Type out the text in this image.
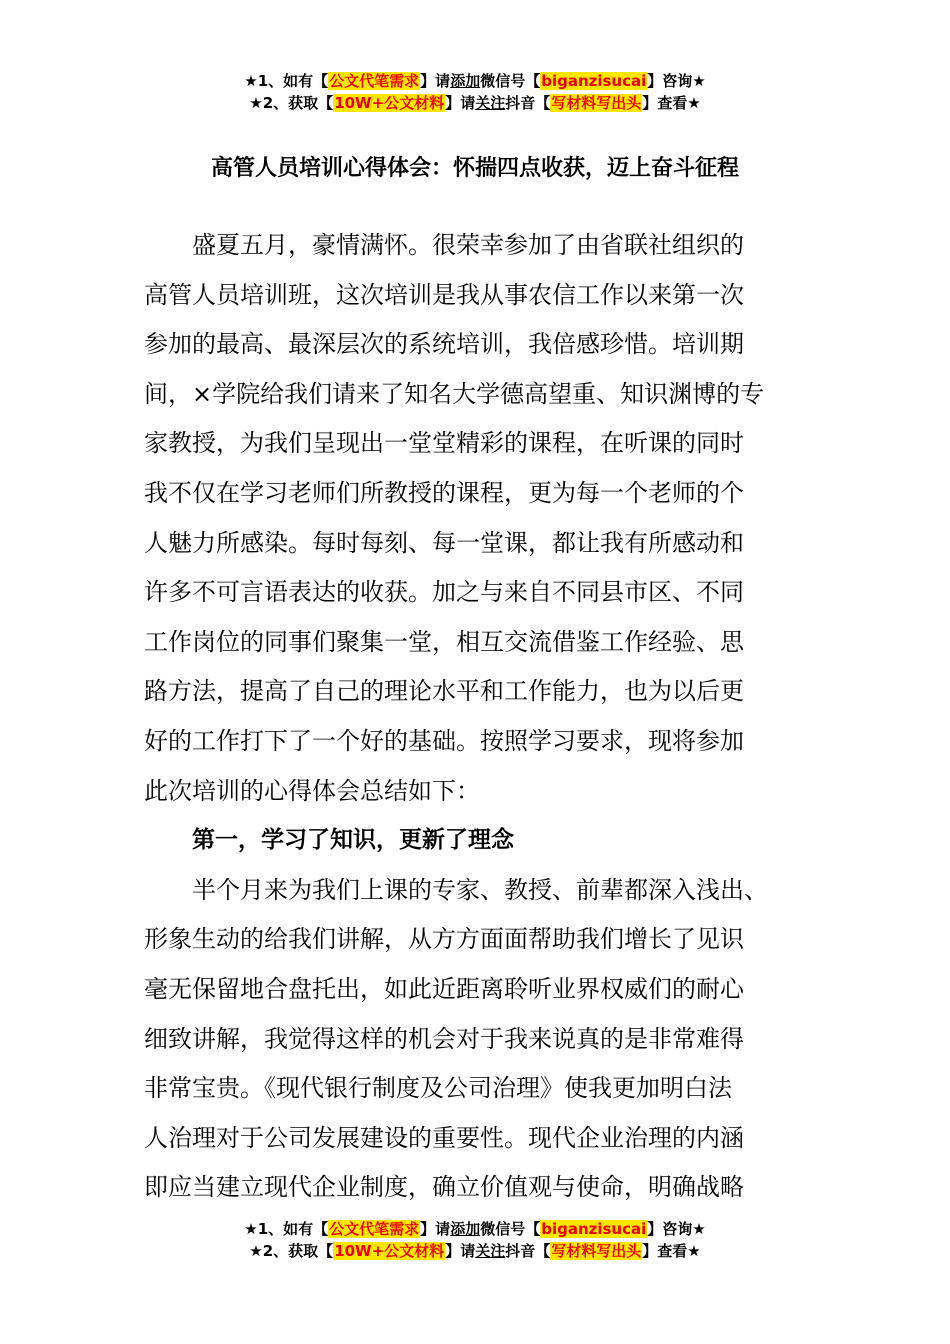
★1、如有【公文代笔需求】请添加微信号【biganzisucai】咨询★
★2、获取【10W+公文材料】请关注抖音【写材料写出头】查看★
高管人员培训心得体会：怀揣四点收获，迈上奋斗征程

盛夏五月，豪情满怀。很荣幸参加了由省联社组织的
高管人员培训班，这次培训是我从事农信工作以来第一次
参加的最高、最深层次的系统培训，我倍感珍惜。培训期
间，×学院给我们请来了知名大学德高望重、知识渊博的专
家教授，为我们呈现出一堂堂精彩的课程，在听课的同时
我不仅在学习老师们所教授的课程，更为每一个老师的个
人魅力所感染。每时每刻、每一堂课，都让我有所感动和
许多不可言语表达的收获。加之与来自不同县市区、不同
工作岗位的同事们聚集一堂，相互交流借鉴工作经验、思
路方法，提高了自己的理论水平和工作能力，也为以后更
好的工作打下了一个好的基础。按照学习要求，现将参加
此次培训的心得体会总结如下：

第一，学习了知识，更新了理念

半个月来为我们上课的专家、教授、前辈都深入浅出、
形象生动的给我们讲解，从方方面面帮助我们增长了见识
毫无保留地合盘托出，如此近距离聆听业界权威们的耐心
细致讲解，我觉得这样的机会对于我来说真的是非常难得
非常宝贵。《现代银行制度及公司治理》使我更加明白法
人治理对于公司发展建设的重要性。现代企业治理的内涵
即应当建立现代企业制度，确立价值观与使命，明确战略

★1、如有【公文代笔需求】请添加微信号【biganzisucai】咨询★
★2、获取【10W+公文材料】请关注抖音【写材料写出头】查看★
